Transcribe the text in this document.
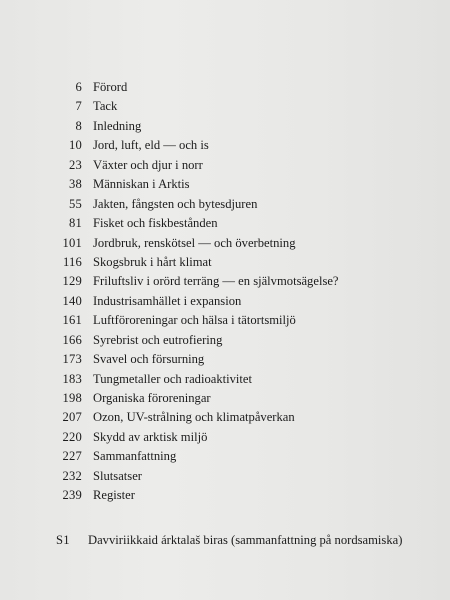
6 Förord
7 Tack
8 Inledning
10 Jord, luft, eld — och is
23 Växter och djur i norr
38 Människan i Arktis
55 Jakten, fångsten och bytesdjuren
81 Fisket och fiskbestånden
101 Jordbruk, renskötsel — och överbetning
116 Skogsbruk i hårt klimat
129 Friluftsliv i orörd terräng — en självmotsägelse?
140 Industrisamhället i expansion
161 Luftföroreningar och hälsa i tätortsmiljö
166 Syrebrist och eutrofiering
173 Svavel och försurning
183 Tungmetaller och radioaktivitet
198 Organiska föroreningar
207 Ozon, UV-strålning och klimatpåverkan
220 Skydd av arktisk miljö
227 Sammanfattning
232 Slutsatser
239 Register
S1	Davviriikkaid árktalaš biras (sammanfattning på nordsamiska)
